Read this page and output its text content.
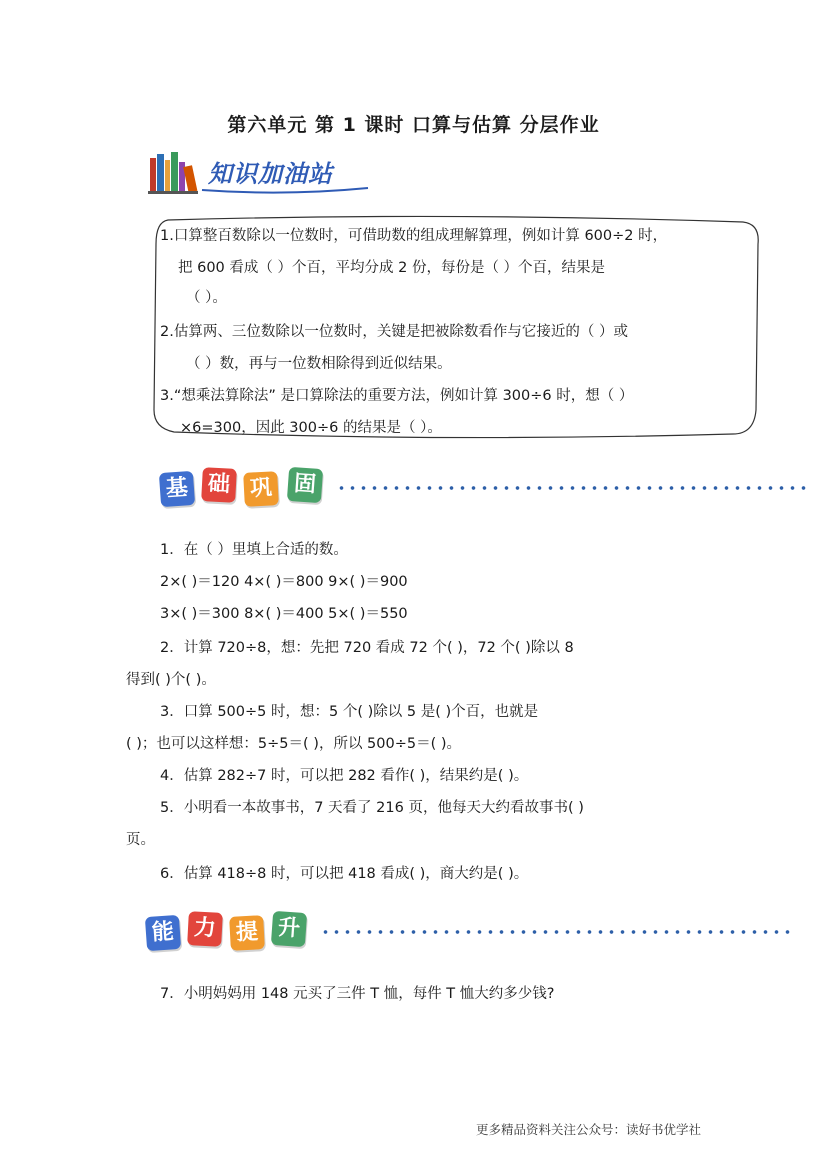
第六单元 第 1 课时 口算与估算 分层作业
知识加油站
1.口算整百数除以一位数时，可借助数的组成理解算理，例如计算 600÷2 时，
把 600 看成（ ）个百，平均分成 2 份，每份是（ ）个百，结果是
（ ）。
2.估算两、三位数除以一位数时，关键是把被除数看作与它接近的（ ）或
（ ）数，再与一位数相除得到近似结果。
3.“想乘法算除法” 是口算除法的重要方法，例如计算 300÷6 时，想（ ）
×6=300，因此 300÷6 的结果是（ ）。
基 础 巩 固
1．在（ ）里填上合适的数。
2×( )＝120 4×( )＝800 9×( )＝900
3×( )＝300 8×( )＝400 5×( )＝550
2．计算 720÷8，想：先把 720 看成 72 个( )，72 个( )除以 8
得到( )个( )。
3．口算 500÷5 时，想：5 个( )除以 5 是( )个百，也就是
( )；也可以这样想：5÷5＝( )，所以 500÷5＝( )。
4．估算 282÷7 时，可以把 282 看作( )，结果约是( )。
5．小明看一本故事书，7 天看了 216 页，他每天大约看故事书( )
页。
6．估算 418÷8 时，可以把 418 看成( )，商大约是( )。
能 力 提 升
7．小明妈妈用 148 元买了三件 T 恤，每件 T 恤大约多少钱?
更多精品资料关注公众号：读好书优学社
